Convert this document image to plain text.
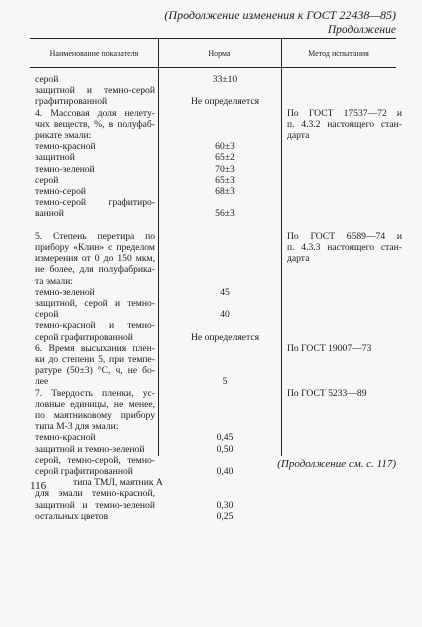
(Продолжение изменения к ГОСТ 22438—85)
Продолжение
Наименование показателя	Норма	Метод испытания
серой	33±10
защитной и темно-серой
графитированной	Не определяется
4. Массовая доля нелету-	По ГОСТ 17537—72 и
чих веществ, %, в полуфаб-	п. 4.3.2 настоящего стан-
рикате эмали:	дарта
темно-красной	60±3
защитной	65±2
темно-зеленой	70±3
серой	65±3
темно-серой	68±3
темно-серой графитиро-
ванной	56±3
5. Степень перетира по	По ГОСТ 6589—74 и
прибору «Клин» с пределом	п. 4.3.3 настоящего стан-
измерения от 0 до 150 мкм,	дарта
не более, для полуфабрика-
та эмали:
темно-зеленой	45
защитной, серой и темно-
серой	40
темно-красной и темно-
серой графитированной	Не определяется
6. Время высыхания плен-	По ГОСТ 19007—73
ки до степени 5, при темпе-
ратуре (50±3) °С, ч, не бо-
лее	5
7. Твердость пленки, ус-	По ГОСТ 5233—89
ловные единицы, не менее,
по маятниковому прибору
типа М-3 для эмали:
темно-красной	0,45
защитной и темно-зеленой	0,50
серой, темно-серой, темно-
серой графитированной	0,40
типа ТМЛ, маятник А
для эмали темно-красной,
защитной и темно-зеленой	0,30
остальных цветов	0,25
(Продолжение см. с. 117)
116
